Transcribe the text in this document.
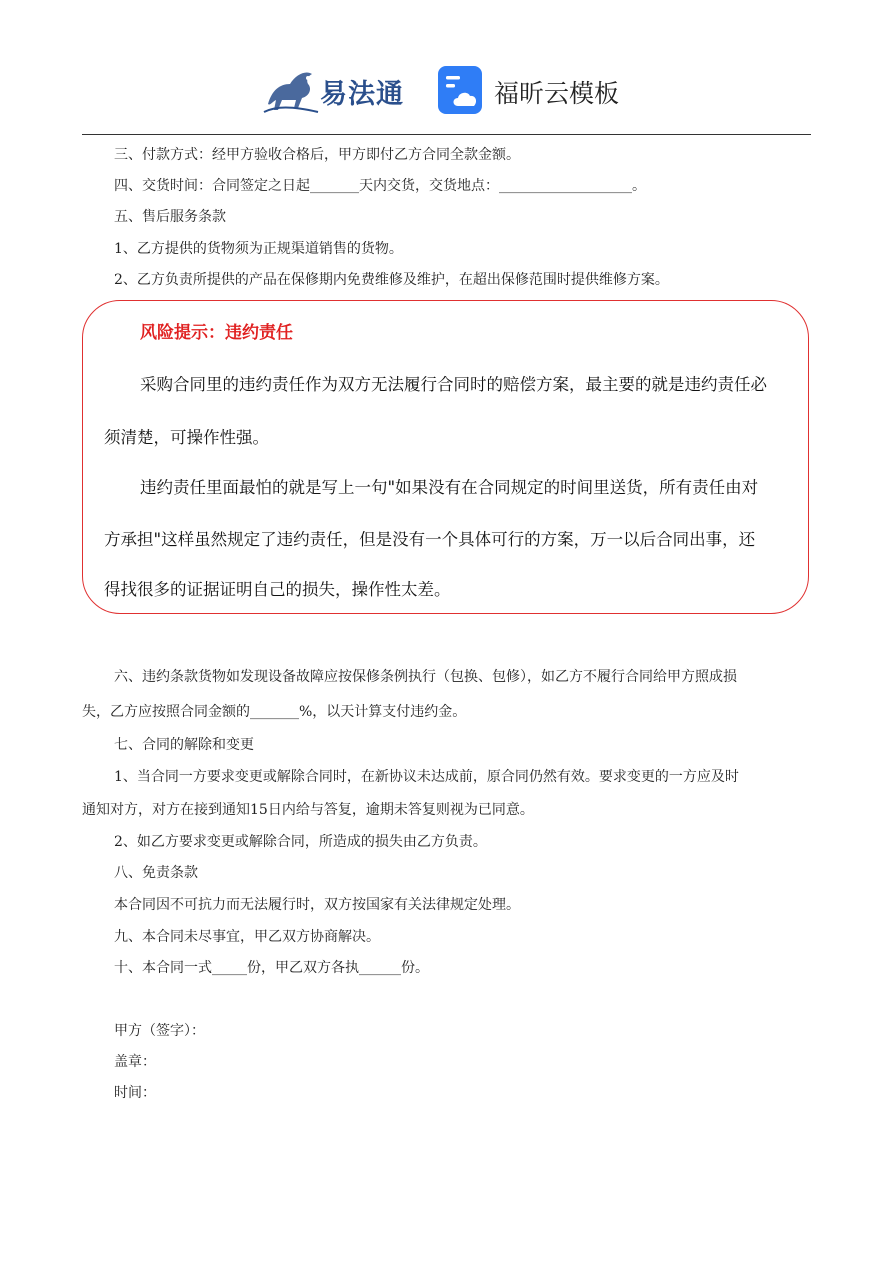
易法通	福昕云模板
三、付款方式：经甲方验收合格后，甲方即付乙方合同全款金额。
四、交货时间：合同签定之日起_______天内交货，交货地点：___________________。
五、售后服务条款
1、乙方提供的货物须为正规渠道销售的货物。
2、乙方负责所提供的产品在保修期内免费维修及维护，在超出保修范围时提供维修方案。
风险提示：违约责任
采购合同里的违约责任作为双方无法履行合同时的赔偿方案，最主要的就是违约责任必
须清楚，可操作性强。
违约责任里面最怕的就是写上一句"如果没有在合同规定的时间里送货，所有责任由对
方承担"这样虽然规定了违约责任，但是没有一个具体可行的方案，万一以后合同出事，还
得找很多的证据证明自己的损失，操作性太差。
六、违约条款货物如发现设备故障应按保修条例执行（包换、包修），如乙方不履行合同给甲方照成损
失，乙方应按照合同金额的_______%，以天计算支付违约金。
七、合同的解除和变更
1、当合同一方要求变更或解除合同时，在新协议未达成前，原合同仍然有效。要求变更的一方应及时
通知对方，对方在接到通知15日内给与答复，逾期未答复则视为已同意。
2、如乙方要求变更或解除合同，所造成的损失由乙方负责。
八、免责条款
本合同因不可抗力而无法履行时，双方按国家有关法律规定处理。
九、本合同未尽事宜，甲乙双方协商解决。
十、本合同一式_____份，甲乙双方各执______份。
甲方（签字）：
盖章：
时间：
